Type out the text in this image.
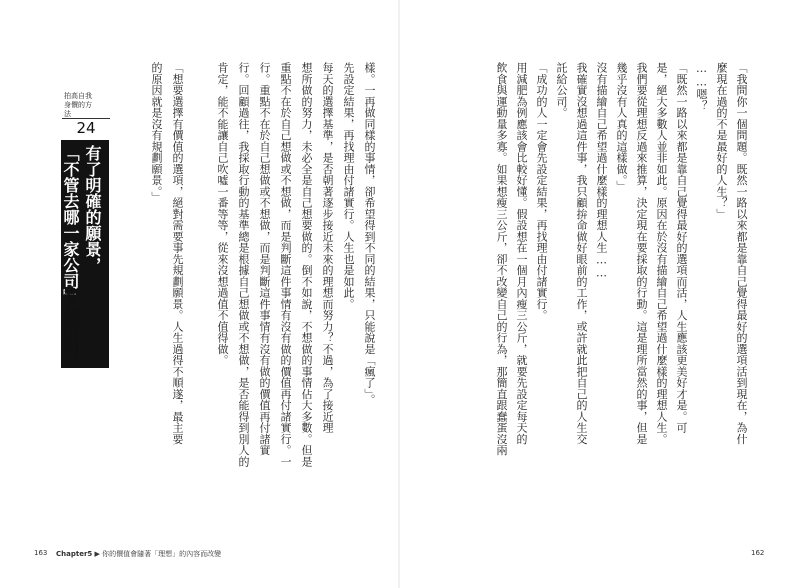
拍高自我身價的方法
24
有了明確的願景，
「不管去哪一家公司」
都無所謂。	樣。一再做同樣的事情，卻希望得到不同的結果，只能說是「瘋了」。
先設定結果，再找理由付諸實行。人生也是如此。
每天的選擇基準，是否朝著逐步接近未來的理想而努力？不過，為了接近理
想所做的努力，未必全是自己想要做的。倒不如說，不想做的事情佔大多數。但是
重點不在於自己想做或不想做，而是判斷這件事情有沒有做的價值再付諸實行。一
行。重點不在於自己想做或不想做，而是判斷這件事情有沒有做的價值再付諸實
行。回顧過往，我採取行動的基準總是根據自己想做或不想做，是否能得到別人的
肯定，能不能讓自己吹噓一番等等，從來沒想過值不值得做。
「想要選擇有價值的選項，絕對需要事先規劃願景。人生過得不順遂，最主要
的原因就是沒有規劃願景。」
163 Chapter5 ▶ 你的價值會隨著「理想」的內容而改變
「我問你一個問題。既然一路以來都是靠自己覺得最好的選項活到現在，為什
麼現在過的不是最好的人生？」
……嗯？
「既然一路以來都是靠自己覺得最好的選項而活，人生應該更美好才是。可
是，絕大多數人並非如此。原因在於沒有描繪自己希望過什麼樣的理想人生。
我們要從理想反過來推算，決定現在要採取的行動。這是理所當然的事，但是
幾乎沒有人真的這樣做。」
沒有描繪自己希望過什麼樣的理想人生……
我確實沒想過這件事，我只顧拚命做好眼前的工作，或許就此把自己的人生交
託給公司。
「成功的人一定會先設定結果，再找理由付諸實行。
用減肥為例應該會比較好懂。假設想在一個月內瘦三公斤，就要先設定每天的
飲食與運動量多寡。如果想瘦三公斤，卻不改變自己的行為，那簡直跟蠢蛋沒兩
162
